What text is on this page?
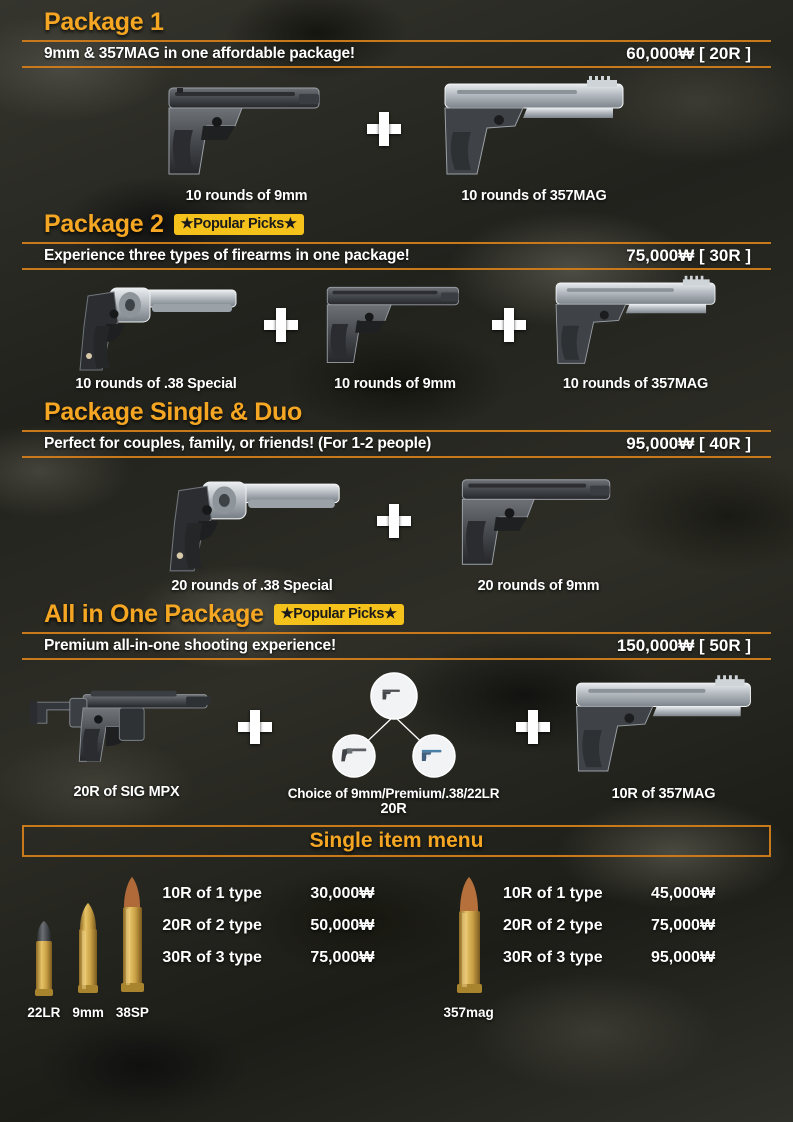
Package 1
9mm & 357MAG in one affordable package!	60,000₩ [ 20R ]
10 rounds of 9mm	10 rounds of 357MAG
Package 2	★Popular Picks★
Experience three types of firearms in one package!	75,000₩ [ 30R ]
10 rounds of .38 Special	10 rounds of 9mm	10 rounds of 357MAG
Package Single & Duo
Perfect for couples, family, or friends! (For 1-2 people)	95,000₩ [ 40R ]
20 rounds of .38 Special	20 rounds of 9mm
All in One Package	★Popular Picks★
Premium all-in-one shooting experience!	150,000₩ [ 50R ]
20R of SIG MPX	Choice of 9mm/Premium/.38/22LR
20R
10R of 357MAG
Single item menu
22LR 9mm 38SP
10R of 1 type	30,000₩
20R of 2 type	50,000₩
30R of 3 type	75,000₩
357mag
10R of 1 type	45,000₩
20R of 2 type	75,000₩
30R of 3 type	95,000₩
